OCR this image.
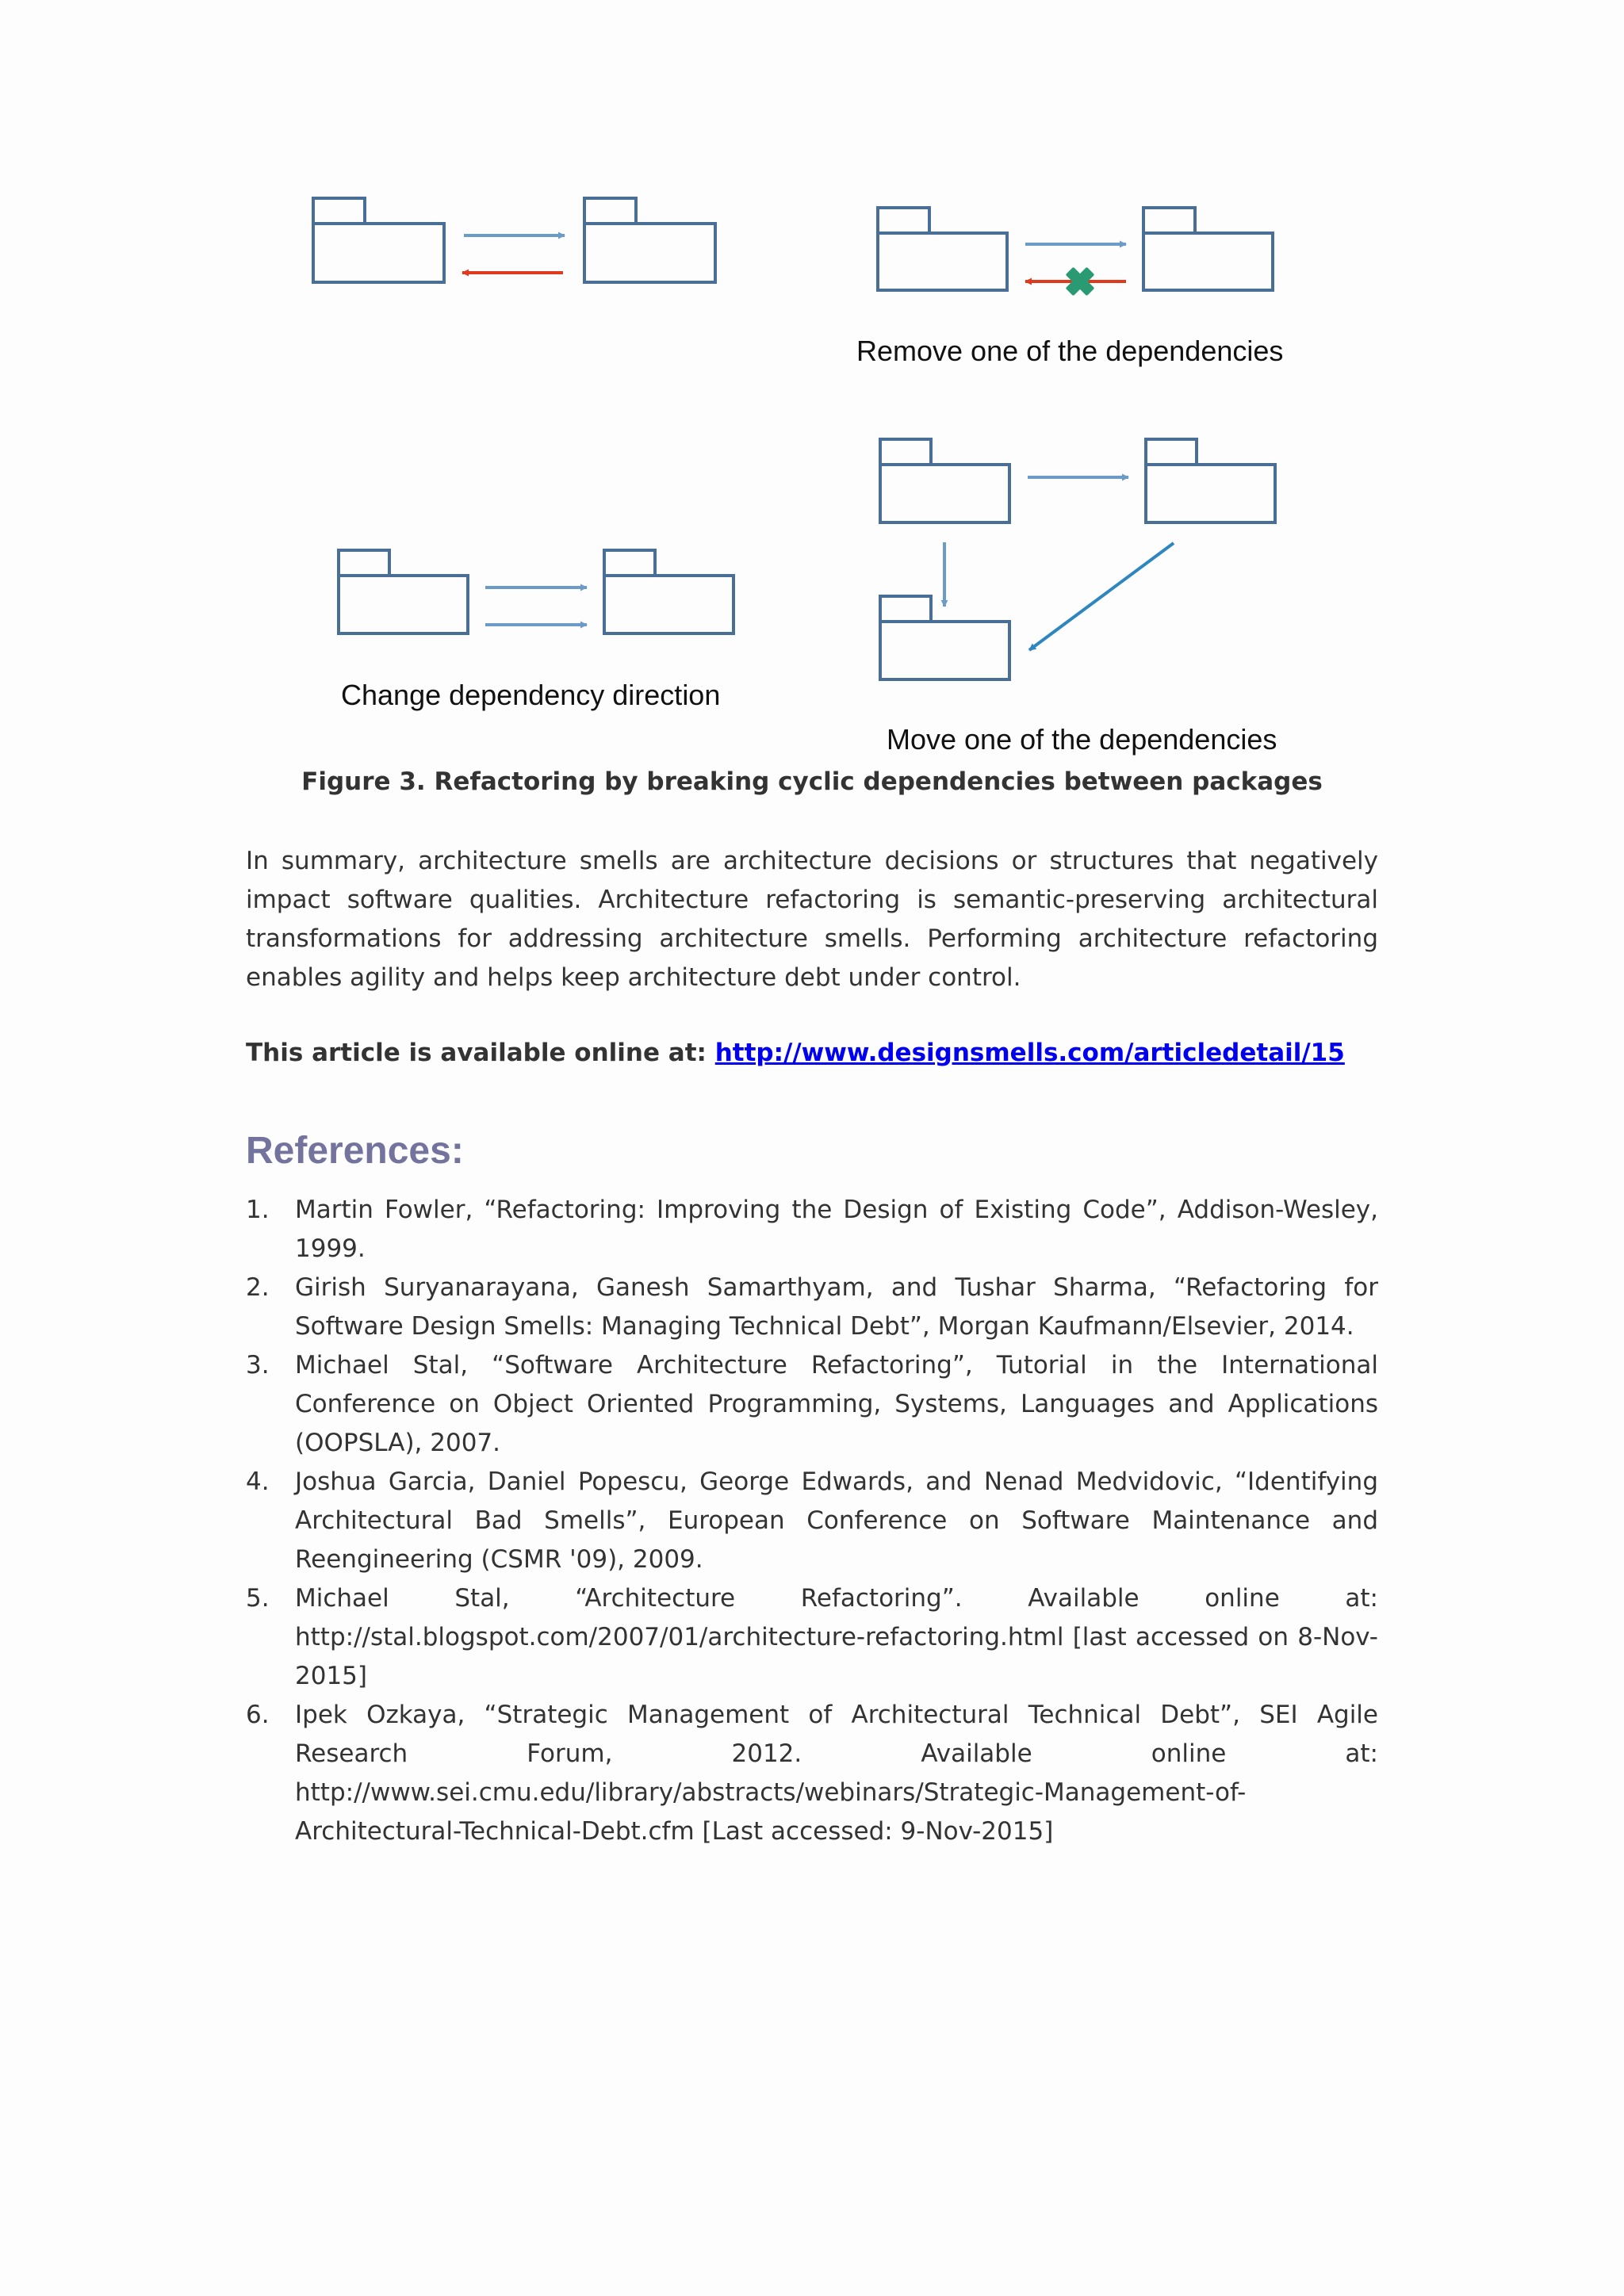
Remove one of the dependencies
Change dependency direction
Move one of the dependencies
Figure 3. Refactoring by breaking cyclic dependencies between packages

In summary, architecture smells are architecture decisions or structures that negatively impact software qualities. Architecture refactoring is semantic-preserving architectural transformations for addressing architecture smells. Performing architecture refactoring enables agility and helps keep architecture debt under control.

This article is available online at: http://www.designsmells.com/articledetail/15

References:
1. Martin Fowler, “Refactoring: Improving the Design of Existing Code”, Addison-Wesley, 1999.
2. Girish Suryanarayana, Ganesh Samarthyam, and Tushar Sharma, “Refactoring for Software Design Smells: Managing Technical Debt”, Morgan Kaufmann/Elsevier, 2014.
3. Michael Stal, “Software Architecture Refactoring”, Tutorial in the International Conference on Object Oriented Programming, Systems, Languages and Applications (OOPSLA), 2007.
4. Joshua Garcia, Daniel Popescu, George Edwards, and Nenad Medvidovic, “Identifying Architectural Bad Smells”, European Conference on Software Maintenance and Reengineering (CSMR '09), 2009.
5. Michael Stal, “Architecture Refactoring”. Available online at: http://stal.blogspot.com/2007/01/architecture-refactoring.html [last accessed on 8-Nov-2015]
6. Ipek Ozkaya, “Strategic Management of Architectural Technical Debt”, SEI Agile Research Forum, 2012. Available online at: http://www.sei.cmu.edu/library/abstracts/webinars/Strategic-Management-of-Architectural-Technical-Debt.cfm [Last accessed: 9-Nov-2015]
